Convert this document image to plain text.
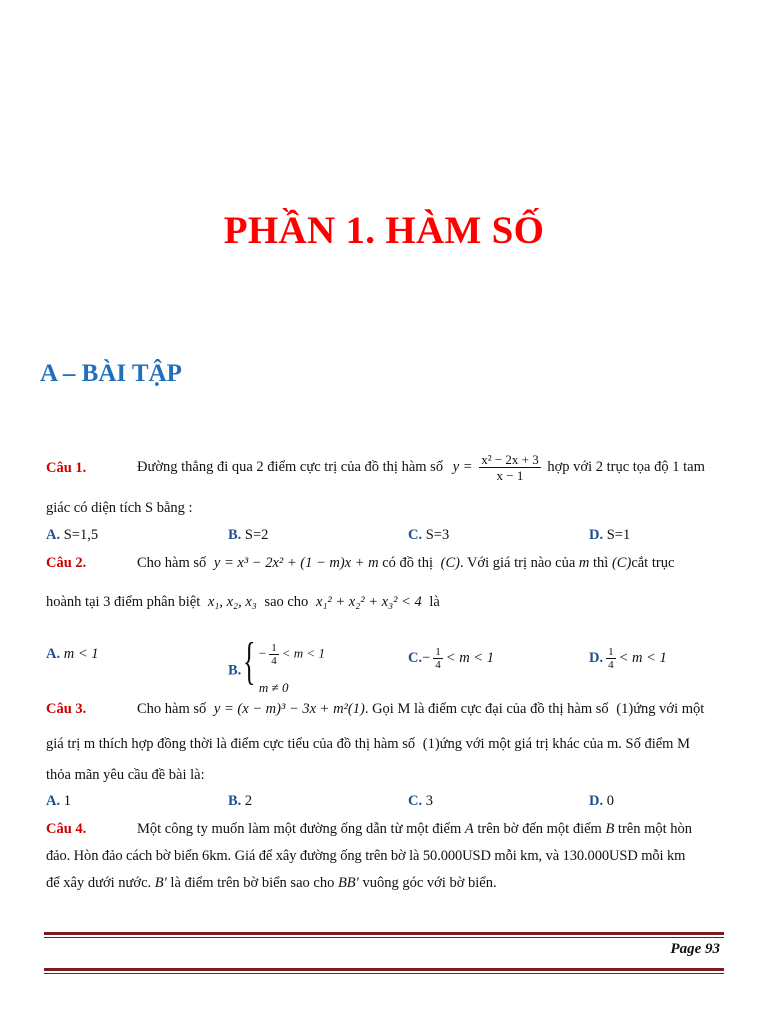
PHẦN 1. HÀM SỐ
A – BÀI TẬP
Câu 1.	Đường thẳng đi qua 2 điểm cực trị của đồ thị hàm số $y = \frac{\text{x² − 2x + 3}}{x - 1}$ hợp với 2 trục tọa độ 1 tam
giác có diện tích S bằng :
A. S=1,5	B. S=2	C. S=3	D. S=1
Câu 2.	Cho hàm số y = x³ − 2x² + (1 − m)x + m có đồ thị (C). Với giá trị nào của m thì (C)cắt trục
hoành tại 3 điểm phân biệt x₁, x₂, x₃ sao cho x₁² + x₂² + x₃² < 4 là
A. m < 1
B. { − $\frac{1}{4} < m < 1$
m ≠ 0
$C.- \frac{1}{4} < m < 1$	D. $\frac{1}{4} < m < 1$
Câu 3.	Cho hàm số y = (x − m)³ − 3x + m²(1). Gọi M là điểm cực đại của đồ thị hàm số (1)ứng với một
giá trị m thích hợp đồng thời là điểm cực tiểu của đồ thị hàm số (1)ứng với một giá trị khác của m. Số điểm M
thỏa mãn yêu cầu đề bài là:
A. 1	B. 2	C. 3	D. 0
Câu 4.	Một công ty muốn làm một đường ống dẫn từ một điểm A trên bờ đến một điểm B trên một hòn
đảo. Hòn đảo cách bờ biển 6km. Giá để xây đường ống trên bờ là 50.000USD mỗi km, và 130.000USD mỗi km
để xây dưới nước. B′ là điểm trên bờ biển sao cho BB′ vuông góc với bờ biển.
Page 93
